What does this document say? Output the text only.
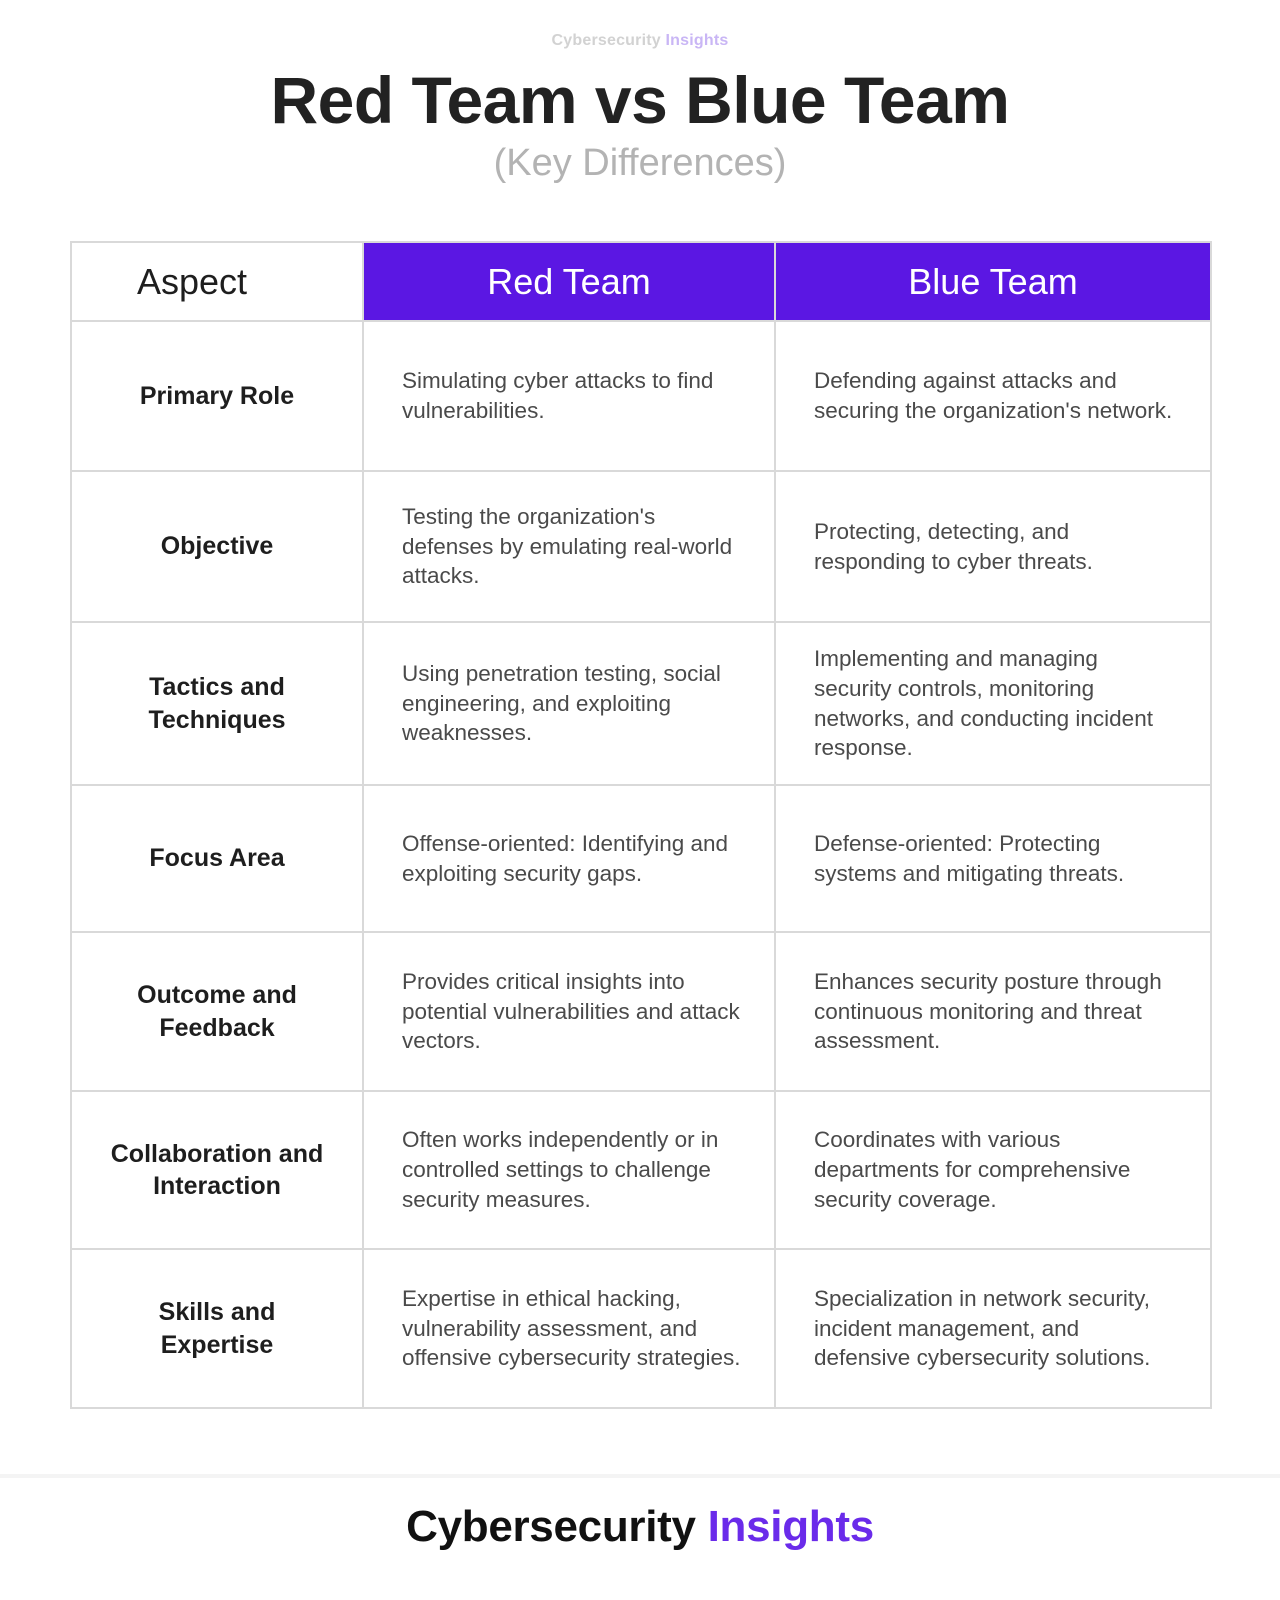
Cybersecurity Insights
Red Team vs Blue Team
(Key Differences)
Aspect	Red Team	Blue Team
Primary Role	Simulating cyber attacks to find vulnerabilities.	Defending against attacks and securing the organization's network.
Objective	Testing the organization's defenses by emulating real-world attacks.	Protecting, detecting, and responding to cyber threats.
Tactics and Techniques	Using penetration testing, social engineering, and exploiting weaknesses.	Implementing and managing security controls, monitoring networks, and conducting incident response.
Focus Area	Offense-oriented: Identifying and exploiting security gaps.	Defense-oriented: Protecting systems and mitigating threats.
Outcome and Feedback	Provides critical insights into potential vulnerabilities and attack vectors.	Enhances security posture through continuous monitoring and threat assessment.
Collaboration and Interaction	Often works independently or in controlled settings to challenge security measures.	Coordinates with various departments for comprehensive security coverage.
Skills and Expertise	Expertise in ethical hacking, vulnerability assessment, and offensive cybersecurity strategies.	Specialization in network security, incident management, and defensive cybersecurity solutions.
Cybersecurity Insights
